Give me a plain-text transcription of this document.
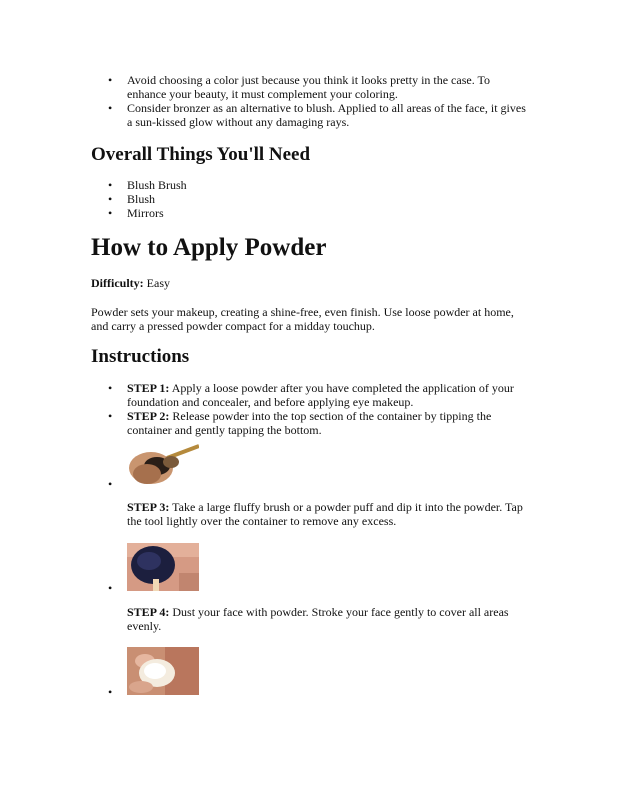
• Avoid choosing a color just because you think it looks pretty in the case. To enhance your beauty, it must complement your coloring.
• Consider bronzer as an alternative to blush. Applied to all areas of the face, it gives a sun-kissed glow without any damaging rays.
Overall Things You'll Need
• Blush Brush
• Blush
• Mirrors
How to Apply Powder

Difficulty: Easy

Powder sets your makeup, creating a shine-free, even finish. Use loose powder at home, and carry a pressed powder compact for a midday touchup.

Instructions
• STEP 1: Apply a loose powder after you have completed the application of your foundation and concealer, and before applying eye makeup.
• STEP 2: Release powder into the top section of the container by tipping the container and gently tapping the bottom.
•

STEP 3: Take a large fluffy brush or a powder puff and dip it into the powder. Tap the tool lightly over the container to remove any excess.

•

STEP 4: Dust your face with powder. Stroke your face gently to cover all areas evenly.

•
